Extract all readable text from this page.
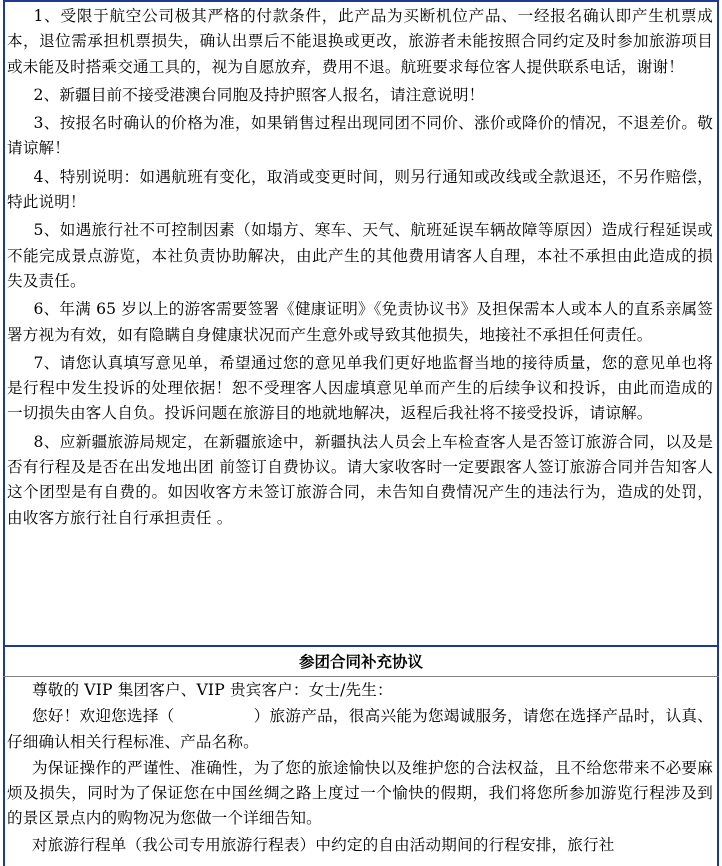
1、受限于航空公司极其严格的付款条件，此产品为买断机位产品、一经报名确认即产生机票成本，退位需承担机票损失，确认出票后不能退换或更改，旅游者未能按照合同约定及时参加旅游项目或未能及时搭乘交通工具的，视为自愿放弃，费用不退。航班要求每位客人提供联系电话，谢谢！

2、新疆目前不接受港澳台同胞及持护照客人报名，请注意说明！

3、按报名时确认的价格为准，如果销售过程出现同团不同价、涨价或降价的情况，不退差价。敬请谅解！

4、特别说明：如遇航班有变化，取消或变更时间，则另行通知或改线或全款退还，不另作赔偿，特此说明！

5、如遇旅行社不可控制因素（如塌方、寒车、天气、航班延误车辆故障等原因）造成行程延误或不能完成景点游览，本社负责协助解决，由此产生的其他费用请客人自理，本社不承担由此造成的损失及责任。

6、年满 65 岁以上的游客需要签署《健康证明》《免责协议书》及担保需本人或本人的直系亲属签署方视为有效，如有隐瞒自身健康状况而产生意外或导致其他损失，地接社不承担任何责任。

7、请您认真填写意见单，希望通过您的意见单我们更好地监督当地的接待质量，您的意见单也将是行程中发生投诉的处理依据！恕不受理客人因虚填意见单而产生的后续争议和投诉，由此而造成的一切损失由客人自负。投诉问题在旅游目的地就地解决，返程后我社将不接受投诉，请谅解。

8、应新疆旅游局规定，在新疆旅途中，新疆执法人员会上车检查客人是否签订旅游合同，以及是否有行程及是否在出发地出团 前签订自费协议。请大家收客时一定要跟客人签订旅游合同并告知客人这个团型是有自费的。如因收客方未签订旅游合同，未告知自费情况产生的违法行为，造成的处罚，由收客方旅行社自行承担责任 。

参团合同补充协议

尊敬的 VIP 集团客户、VIP 贵宾客户：女士/先生：

您好！欢迎您选择（　　　　　）旅游产品，很高兴能为您竭诚服务，请您在选择产品时，认真、仔细确认相关行程标准、产品名称。

为保证操作的严谨性、准确性，为了您的旅途愉快以及维护您的合法权益，且不给您带来不必要麻烦及损失，同时为了保证您在中国丝绸之路上度过一个愉快的假期，我们将您所参加游览行程涉及到的景区景点内的购物况为您做一个详细告知。

对旅游行程单（我公司专用旅游行程表）中约定的自由活动期间的行程安排，旅行社
